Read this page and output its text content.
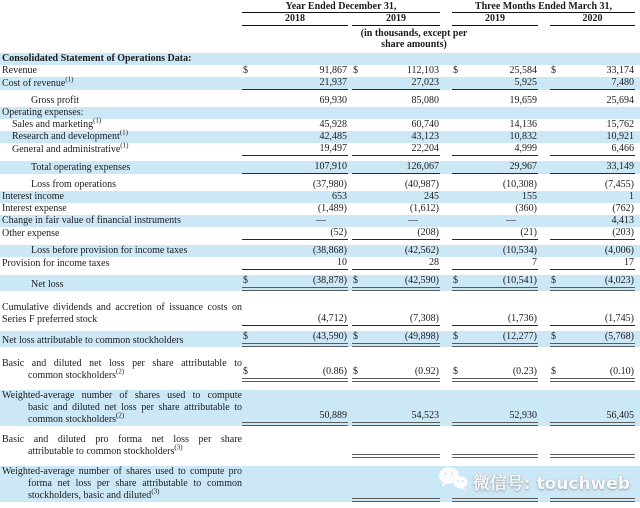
Year Ended December 31,	Three Months Ended March 31,
2018	2019	2019	2020
(in thousands, except per
share amounts)
Consolidated Statement of Operations Data:
Revenue	$	91,867 $	112,103 $	25,584 $	33,174
Cost of revenue$^{(1)}$	21,937	27,023	5,925	7,480
Gross profit	69,930	85,080	19,659	25,694
Operating expenses:
Sales and marketing$^{(1)}$	45,928	60,740	14,136	15,762
Research and development$^{(1)}$	42,485	43,123	10,832	10,921
General and administrative$^{(1)}$	19,497	22,204	4,999	6,466
Total operating expenses	107,910	126,067	29,967	33,149
Loss from operations	(37,980)	(40,987)	(10,308)	(7,455)
Interest income	653	245	155	1
Interest expense	(1,489)	(1,612)	(360)	(762)
Change in fair value of financial instruments	—	—	—	4,413
Other expense	(52)	(208)	(21)	(203)
Loss before provision for income taxes	(38,868)	(42,562)	(10,534)	(4,006)
Provision for income taxes	10	28	7	17
Net loss	$	(38,878) $	(42,590) $	(10,541) $	(4,023)
Cumulative dividends and accretion of issuance costs on
Series F preferred stock	(4,712)	(7,308)	(1,736)	(1,745)
Net loss attributable to common stockholders	$	(43,590) $	(49,898) $	(12,277) $	(5,768)
Basic and diluted net loss per share attributable to
common stockholders$^{(2)}$	$	(0.86) $	(0.92) $	(0.23) $	(0.10)
Weighted-average number of shares used to compute
basic and diluted net loss per share attributable to
common stockholders$^{(2)}$	50,889	54,523	52,930	56,405
Basic and diluted pro forma net loss per share
attributable to common stockholders$^{(3)}$
Weighted-average number of shares used to compute pro
forma net loss per share attributable to common
stockholders, basic and diluted$^{(3)}$	微信号: touchweb
